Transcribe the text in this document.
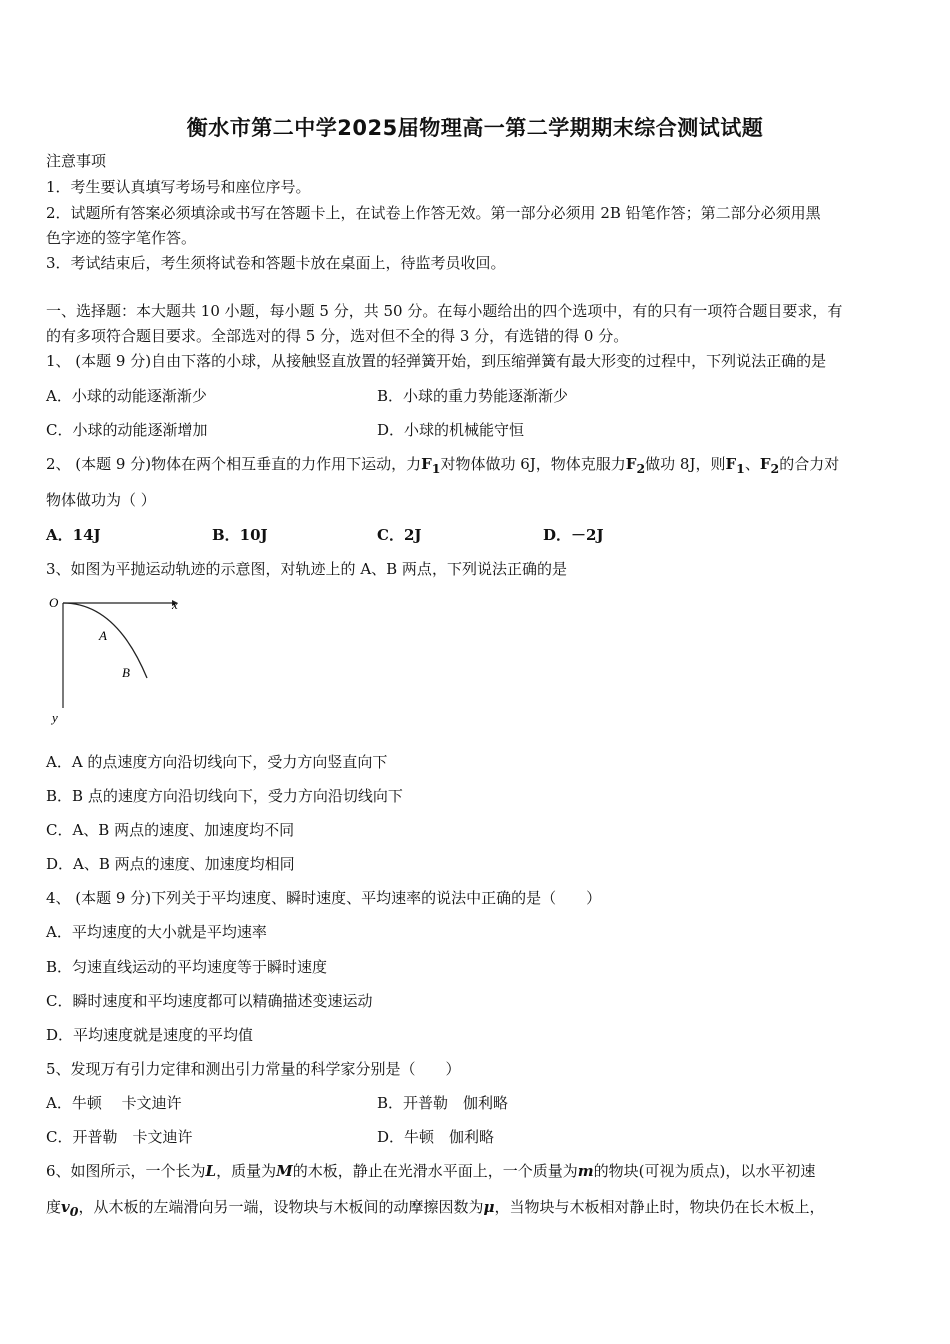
衡水市第二中学2025届物理高一第二学期期末综合测试试题
注意事项
1．考生要认真填写考场号和座位序号。
2．试题所有答案必须填涂或书写在答题卡上，在试卷上作答无效。第一部分必须用 2B 铅笔作答；第二部分必须用黑
色字迹的签字笔作答。
3．考试结束后，考生须将试卷和答题卡放在桌面上，待监考员收回。
一、选择题：本大题共 10 小题，每小题 5 分，共 50 分。在每小题给出的四个选项中，有的只有一项符合题目要求，有
的有多项符合题目要求。全部选对的得 5 分，选对但不全的得 3 分，有选错的得 0 分。
1、 (本题 9 分)自由下落的小球，从接触竖直放置的轻弹簧开始，到压缩弹簧有最大形变的过程中，下列说法正确的是
A．小球的动能逐渐渐少	B．小球的重力势能逐渐渐少
C．小球的动能逐渐增加	D．小球的机械能守恒
2、 (本题 9 分)物体在两个相互垂直的力作用下运动，力$F_1$对物体做功 6J，物体克服力$F_2$做功 8J，则$F_1$、$F_2$的合力对
物体做功为（ ）
A．14J	B．10J	C．2J	D．－2J
3、如图为平抛运动轨迹的示意图，对轨迹上的 A、B 两点，下列说法正确的是
O	x
y
A
B
A．A 的点速度方向沿切线向下，受力方向竖直向下
B．B 点的速度方向沿切线向下，受力方向沿切线向下
C．A、B 两点的速度、加速度均不同
D．A、B 两点的速度、加速度均相同
4、 (本题 9 分)下列关于平均速度、瞬时速度、平均速率的说法中正确的是（　　）
A．平均速度的大小就是平均速率
B．匀速直线运动的平均速度等于瞬时速度
C．瞬时速度和平均速度都可以精确描述变速运动
D．平均速度就是速度的平均值
5、发现万有引力定律和测出引力常量的科学家分别是（　　）
A．牛顿　 卡文迪许	B．开普勒　伽利略
C．开普勒　卡文迪许	D．牛顿　伽利略
6、如图所示，一个长为L，质量为M的木板，静止在光滑水平面上，一个质量为m的物块(可视为质点)，以水平初速
度$v_0$，从木板的左端滑向另一端，设物块与木板间的动摩擦因数为μ，当物块与木板相对静止时，物块仍在长木板上，
